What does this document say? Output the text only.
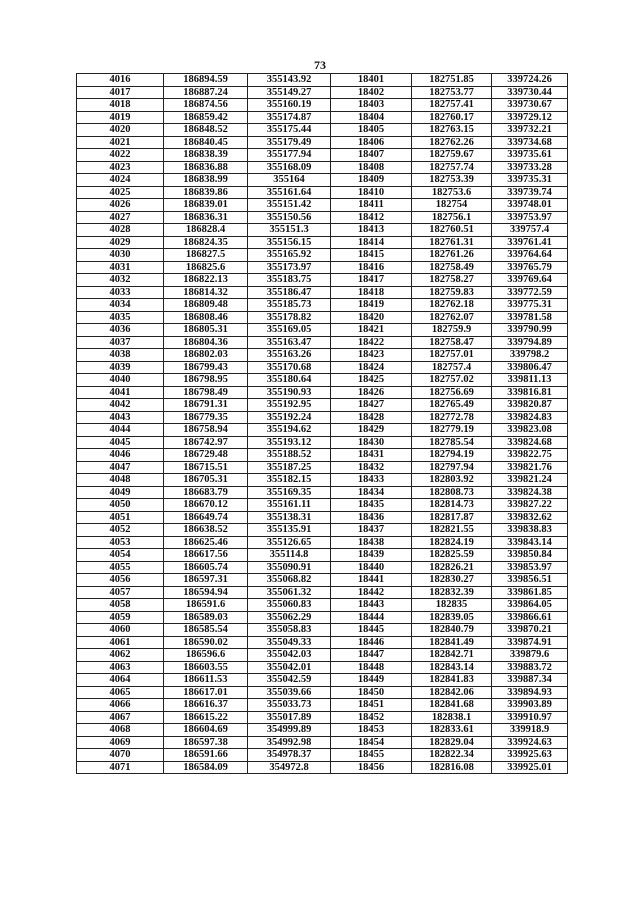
73
4016	186894.59	355143.92	18401	182751.85	339724.26
4017	186887.24	355149.27	18402	182753.77	339730.44
4018	186874.56	355160.19	18403	182757.41	339730.67
4019	186859.42	355174.87	18404	182760.17	339729.12
4020	186848.52	355175.44	18405	182763.15	339732.21
4021	186840.45	355179.49	18406	182762.26	339734.68
4022	186838.39	355177.94	18407	182759.67	339735.61
4023	186836.88	355168.09	18408	182757.74	339733.28
4024	186838.99	355164	18409	182753.39	339735.31
4025	186839.86	355161.64	18410	182753.6	339739.74
4026	186839.01	355151.42	18411	182754	339748.01
4027	186836.31	355150.56	18412	182756.1	339753.97
4028	186828.4	355151.3	18413	182760.51	339757.4
4029	186824.35	355156.15	18414	182761.31	339761.41
4030	186827.5	355165.92	18415	182761.26	339764.64
4031	186825.6	355173.97	18416	182758.49	339765.79
4032	186822.13	355183.75	18417	182758.27	339769.64
4033	186814.32	355186.47	18418	182759.83	339772.59
4034	186809.48	355185.73	18419	182762.18	339775.31
4035	186808.46	355178.82	18420	182762.07	339781.58
4036	186805.31	355169.05	18421	182759.9	339790.99
4037	186804.36	355163.47	18422	182758.47	339794.89
4038	186802.03	355163.26	18423	182757.01	339798.2
4039	186799.43	355170.68	18424	182757.4	339806.47
4040	186798.95	355180.64	18425	182757.02	339811.13
4041	186798.49	355190.93	18426	182756.69	339816.81
4042	186791.31	355192.95	18427	182765.49	339820.87
4043	186779.35	355192.24	18428	182772.78	339824.83
4044	186758.94	355194.62	18429	182779.19	339823.08
4045	186742.97	355193.12	18430	182785.54	339824.68
4046	186729.48	355188.52	18431	182794.19	339822.75
4047	186715.51	355187.25	18432	182797.94	339821.76
4048	186705.31	355182.15	18433	182803.92	339821.24
4049	186683.79	355169.35	18434	182808.73	339824.38
4050	186670.12	355161.11	18435	182814.73	339827.22
4051	186649.74	355138.31	18436	182817.87	339832.62
4052	186638.52	355135.91	18437	182821.55	339838.83
4053	186625.46	355126.65	18438	182824.19	339843.14
4054	186617.56	355114.8	18439	182825.59	339850.84
4055	186605.74	355090.91	18440	182826.21	339853.97
4056	186597.31	355068.82	18441	182830.27	339856.51
4057	186594.94	355061.32	18442	182832.39	339861.85
4058	186591.6	355060.83	18443	182835	339864.05
4059	186589.03	355062.29	18444	182839.05	339866.61
4060	186585.54	355058.83	18445	182840.79	339870.21
4061	186590.02	355049.33	18446	182841.49	339874.91
4062	186596.6	355042.03	18447	182842.71	339879.6
4063	186603.55	355042.01	18448	182843.14	339883.72
4064	186611.53	355042.59	18449	182841.83	339887.34
4065	186617.01	355039.66	18450	182842.06	339894.93
4066	186616.37	355033.73	18451	182841.68	339903.89
4067	186615.22	355017.89	18452	182838.1	339910.97
4068	186604.69	354999.89	18453	182833.61	339918.9
4069	186597.38	354992.98	18454	182829.04	339924.63
4070	186591.66	354978.37	18455	182822.34	339925.63
4071	186584.09	354972.8	18456	182816.08	339925.01
